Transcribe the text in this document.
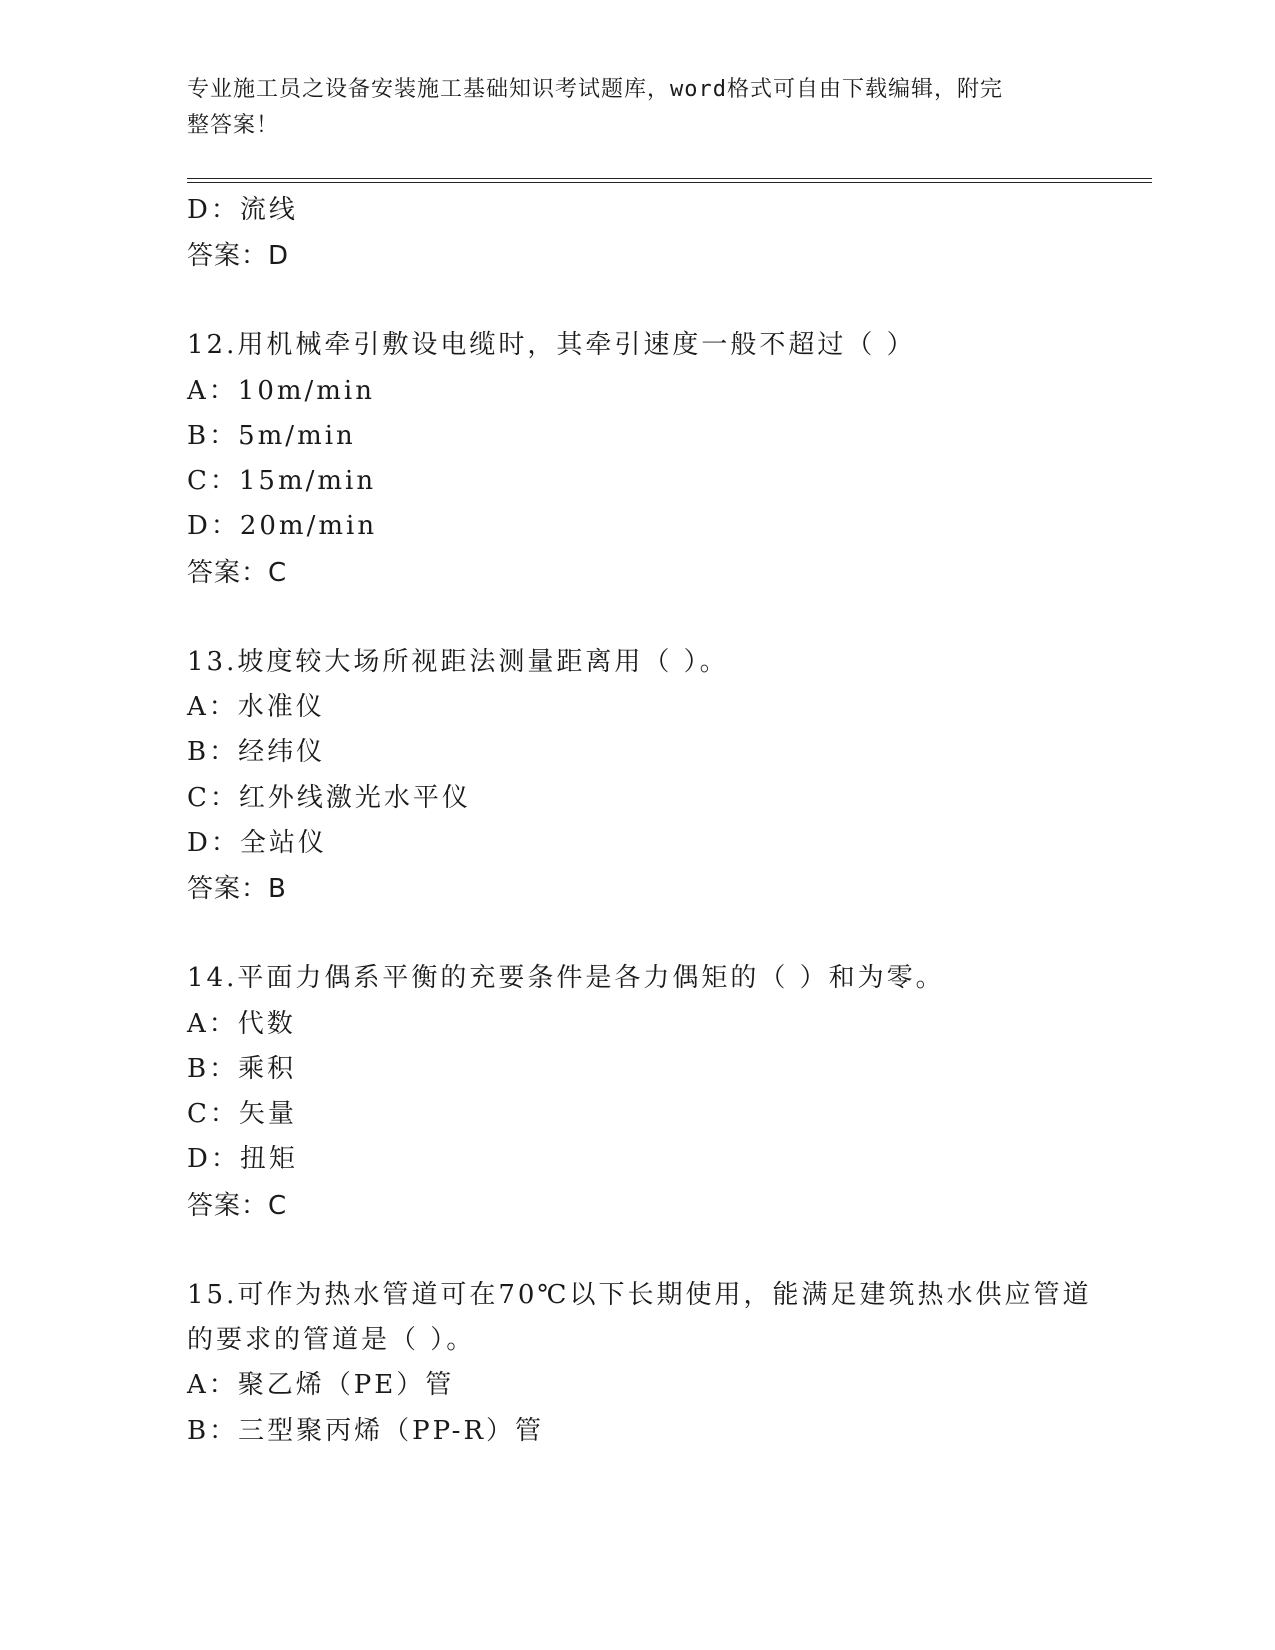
专业施工员之设备安装施工基础知识考试题库，word格式可自由下载编辑，附完
整答案！
D：流线
答案：D
12.用机械牵引敷设电缆时，其牵引速度一般不超过（ ）
A：10m/min
B：5m/min
C：15m/min
D：20m/min
答案：C
13.坡度较大场所视距法测量距离用（ ）。
A：水准仪
B：经纬仪
C：红外线激光水平仪
D：全站仪
答案：B
14.平面力偶系平衡的充要条件是各力偶矩的（ ）和为零。
A：代数
B：乘积
C：矢量
D：扭矩
答案：C
15.可作为热水管道可在70℃以下长期使用，能满足建筑热水供应管道
的要求的管道是（ ）。
A：聚乙烯（PE）管
B：三型聚丙烯（PP-R）管
